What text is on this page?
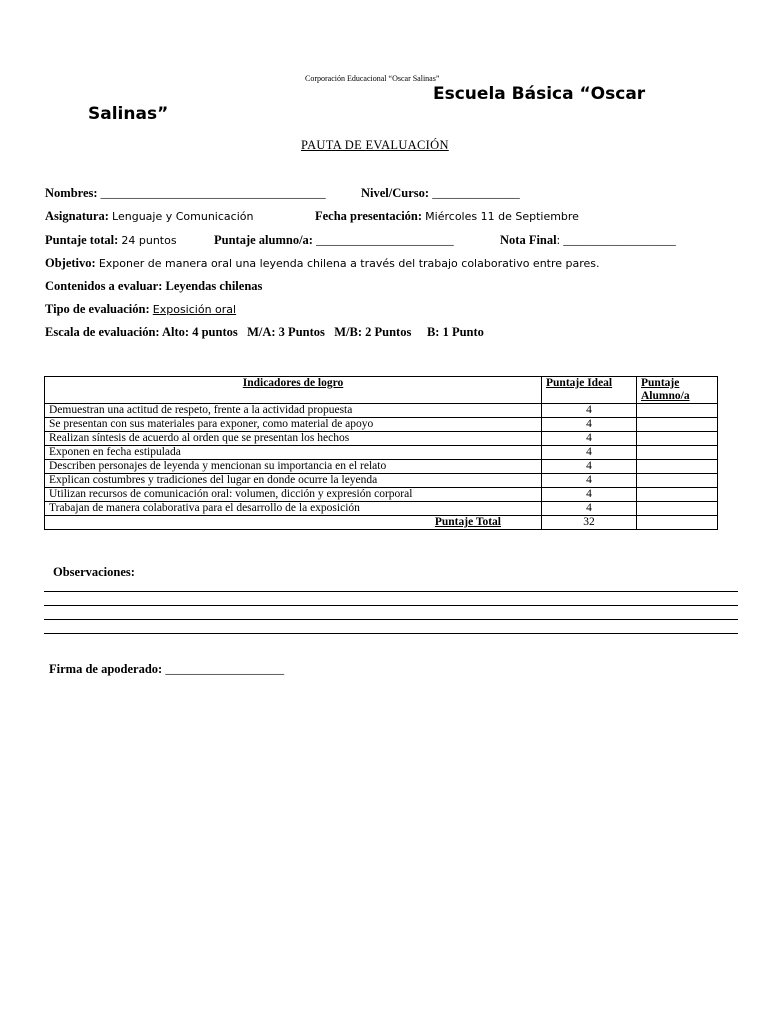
Corporación Educacional “Oscar Salinas”
Escuela Básica “Oscar
Salinas”
PAUTA DE EVALUACIÓN
Nombres: ____________________________________	Nivel/Curso: ______________
Asignatura: Lenguaje y Comunicación	Fecha presentación: Miércoles 11 de Septiembre
Puntaje total: 24 puntos	Puntaje alumno/a: ______________________	Nota Final: __________________
Objetivo: Exponer de manera oral una leyenda chilena a través del trabajo colaborativo entre pares.
Contenidos a evaluar: Leyendas chilenas
Tipo de evaluación: Exposición oral
Escala de evaluación: Alto: 4 puntos   M/A: 3 Puntos   M/B: 2 Puntos     B: 1 Punto
Indicadores de logro	Puntaje Ideal	Puntaje Alumno/a
Demuestran una actitud de respeto, frente a la actividad propuesta	4	
Se presentan con sus materiales para exponer, como material de apoyo	4	
Realizan síntesis de acuerdo al orden que se presentan los hechos	4	
Exponen en fecha estipulada	4	
Describen personajes de leyenda y mencionan su importancia en el relato	4	
Explican costumbres y tradiciones del lugar en donde ocurre la leyenda	4	
Utilizan recursos de comunicación oral: volumen, dicción y expresión corporal	4	
Trabajan de manera colaborativa para el desarrollo de la exposición	4	
Puntaje Total	32	
Observaciones:
Firma de apoderado: ___________________
